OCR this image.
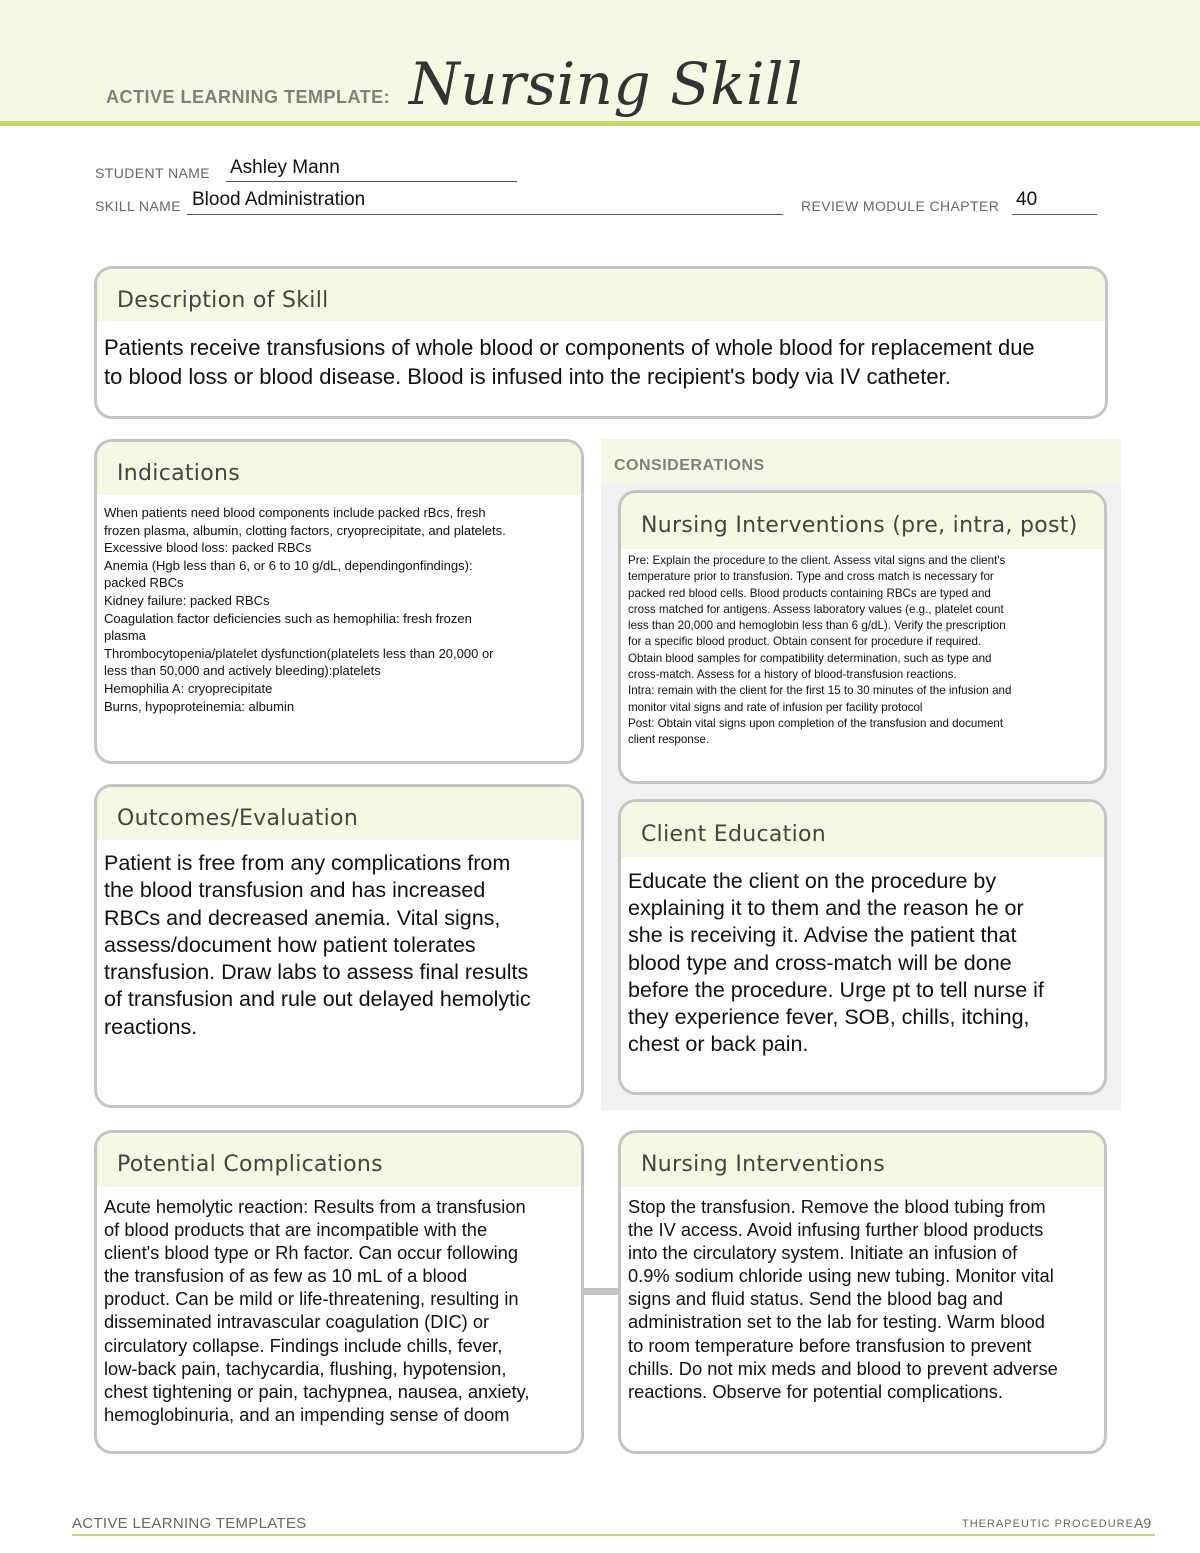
ACTIVE LEARNING TEMPLATE: Nursing Skill
STUDENT NAME Ashley Mann
SKILL NAME Blood Administration	REVIEW MODULE CHAPTER 40
Description of Skill
Patients receive transfusions of whole blood or components of whole blood for replacement due
to blood loss or blood disease. Blood is infused into the recipient's body via IV catheter.
CONSIDERATIONS
Indications
When patients need blood components include packed rBcs, fresh
frozen plasma, albumin, clotting factors, cryoprecipitate, and platelets.
Excessive blood loss: packed RBCs
Anemia (Hgb less than 6, or 6 to 10 g/dL, dependingonfindings):
packed RBCs
Kidney failure: packed RBCs
Coagulation factor deficiencies such as hemophilia: fresh frozen
plasma
Thrombocytopenia/platelet dysfunction(platelets less than 20,000 or
less than 50,000 and actively bleeding):platelets
Hemophilia A: cryoprecipitate
Burns, hypoproteinemia: albumin
Nursing Interventions (pre, intra, post)
Pre: Explain the procedure to the client. Assess vital signs and the client's
temperature prior to transfusion. Type and cross match is necessary for
packed red blood cells. Blood products containing RBCs are typed and
cross matched for antigens. Assess laboratory values (e.g., platelet count
less than 20,000 and hemoglobin less than 6 g/dL). Verify the prescription
for a specific blood product. Obtain consent for procedure if required.
Obtain blood samples for compatibility determination, such as type and
cross-match. Assess for a history of blood-transfusion reactions.
Intra: remain with the client for the first 15 to 30 minutes of the infusion and
monitor vital signs and rate of infusion per facility protocol
Post: Obtain vital signs upon completion of the transfusion and document
client response.
Outcomes/Evaluation
Patient is free from any complications from
the blood transfusion and has increased
RBCs and decreased anemia. Vital signs,
assess/document how patient tolerates
transfusion. Draw labs to assess final results
of transfusion and rule out delayed hemolytic
reactions.
Client Education
Educate the client on the procedure by
explaining it to them and the reason he or
she is receiving it. Advise the patient that
blood type and cross-match will be done
before the procedure. Urge pt to tell nurse if
they experience fever, SOB, chills, itching,
chest or back pain.
Potential Complications
Acute hemolytic reaction: Results from a transfusion
of blood products that are incompatible with the
client's blood type or Rh factor. Can occur following
the transfusion of as few as 10 mL of a blood
product. Can be mild or life-threatening, resulting in
disseminated intravascular coagulation (DIC) or
circulatory collapse. Findings include chills, fever,
low-back pain, tachycardia, flushing, hypotension,
chest tightening or pain, tachypnea, nausea, anxiety,
hemoglobinuria, and an impending sense of doom
Nursing Interventions
Stop the transfusion. Remove the blood tubing from
the IV access. Avoid infusing further blood products
into the circulatory system. Initiate an infusion of
0.9% sodium chloride using new tubing. Monitor vital
signs and fluid status. Send the blood bag and
administration set to the lab for testing. Warm blood
to room temperature before transfusion to prevent
chills. Do not mix meds and blood to prevent adverse
reactions. Observe for potential complications.
ACTIVE LEARNING TEMPLATES	THERAPEUTIC PROCEDURE A9
